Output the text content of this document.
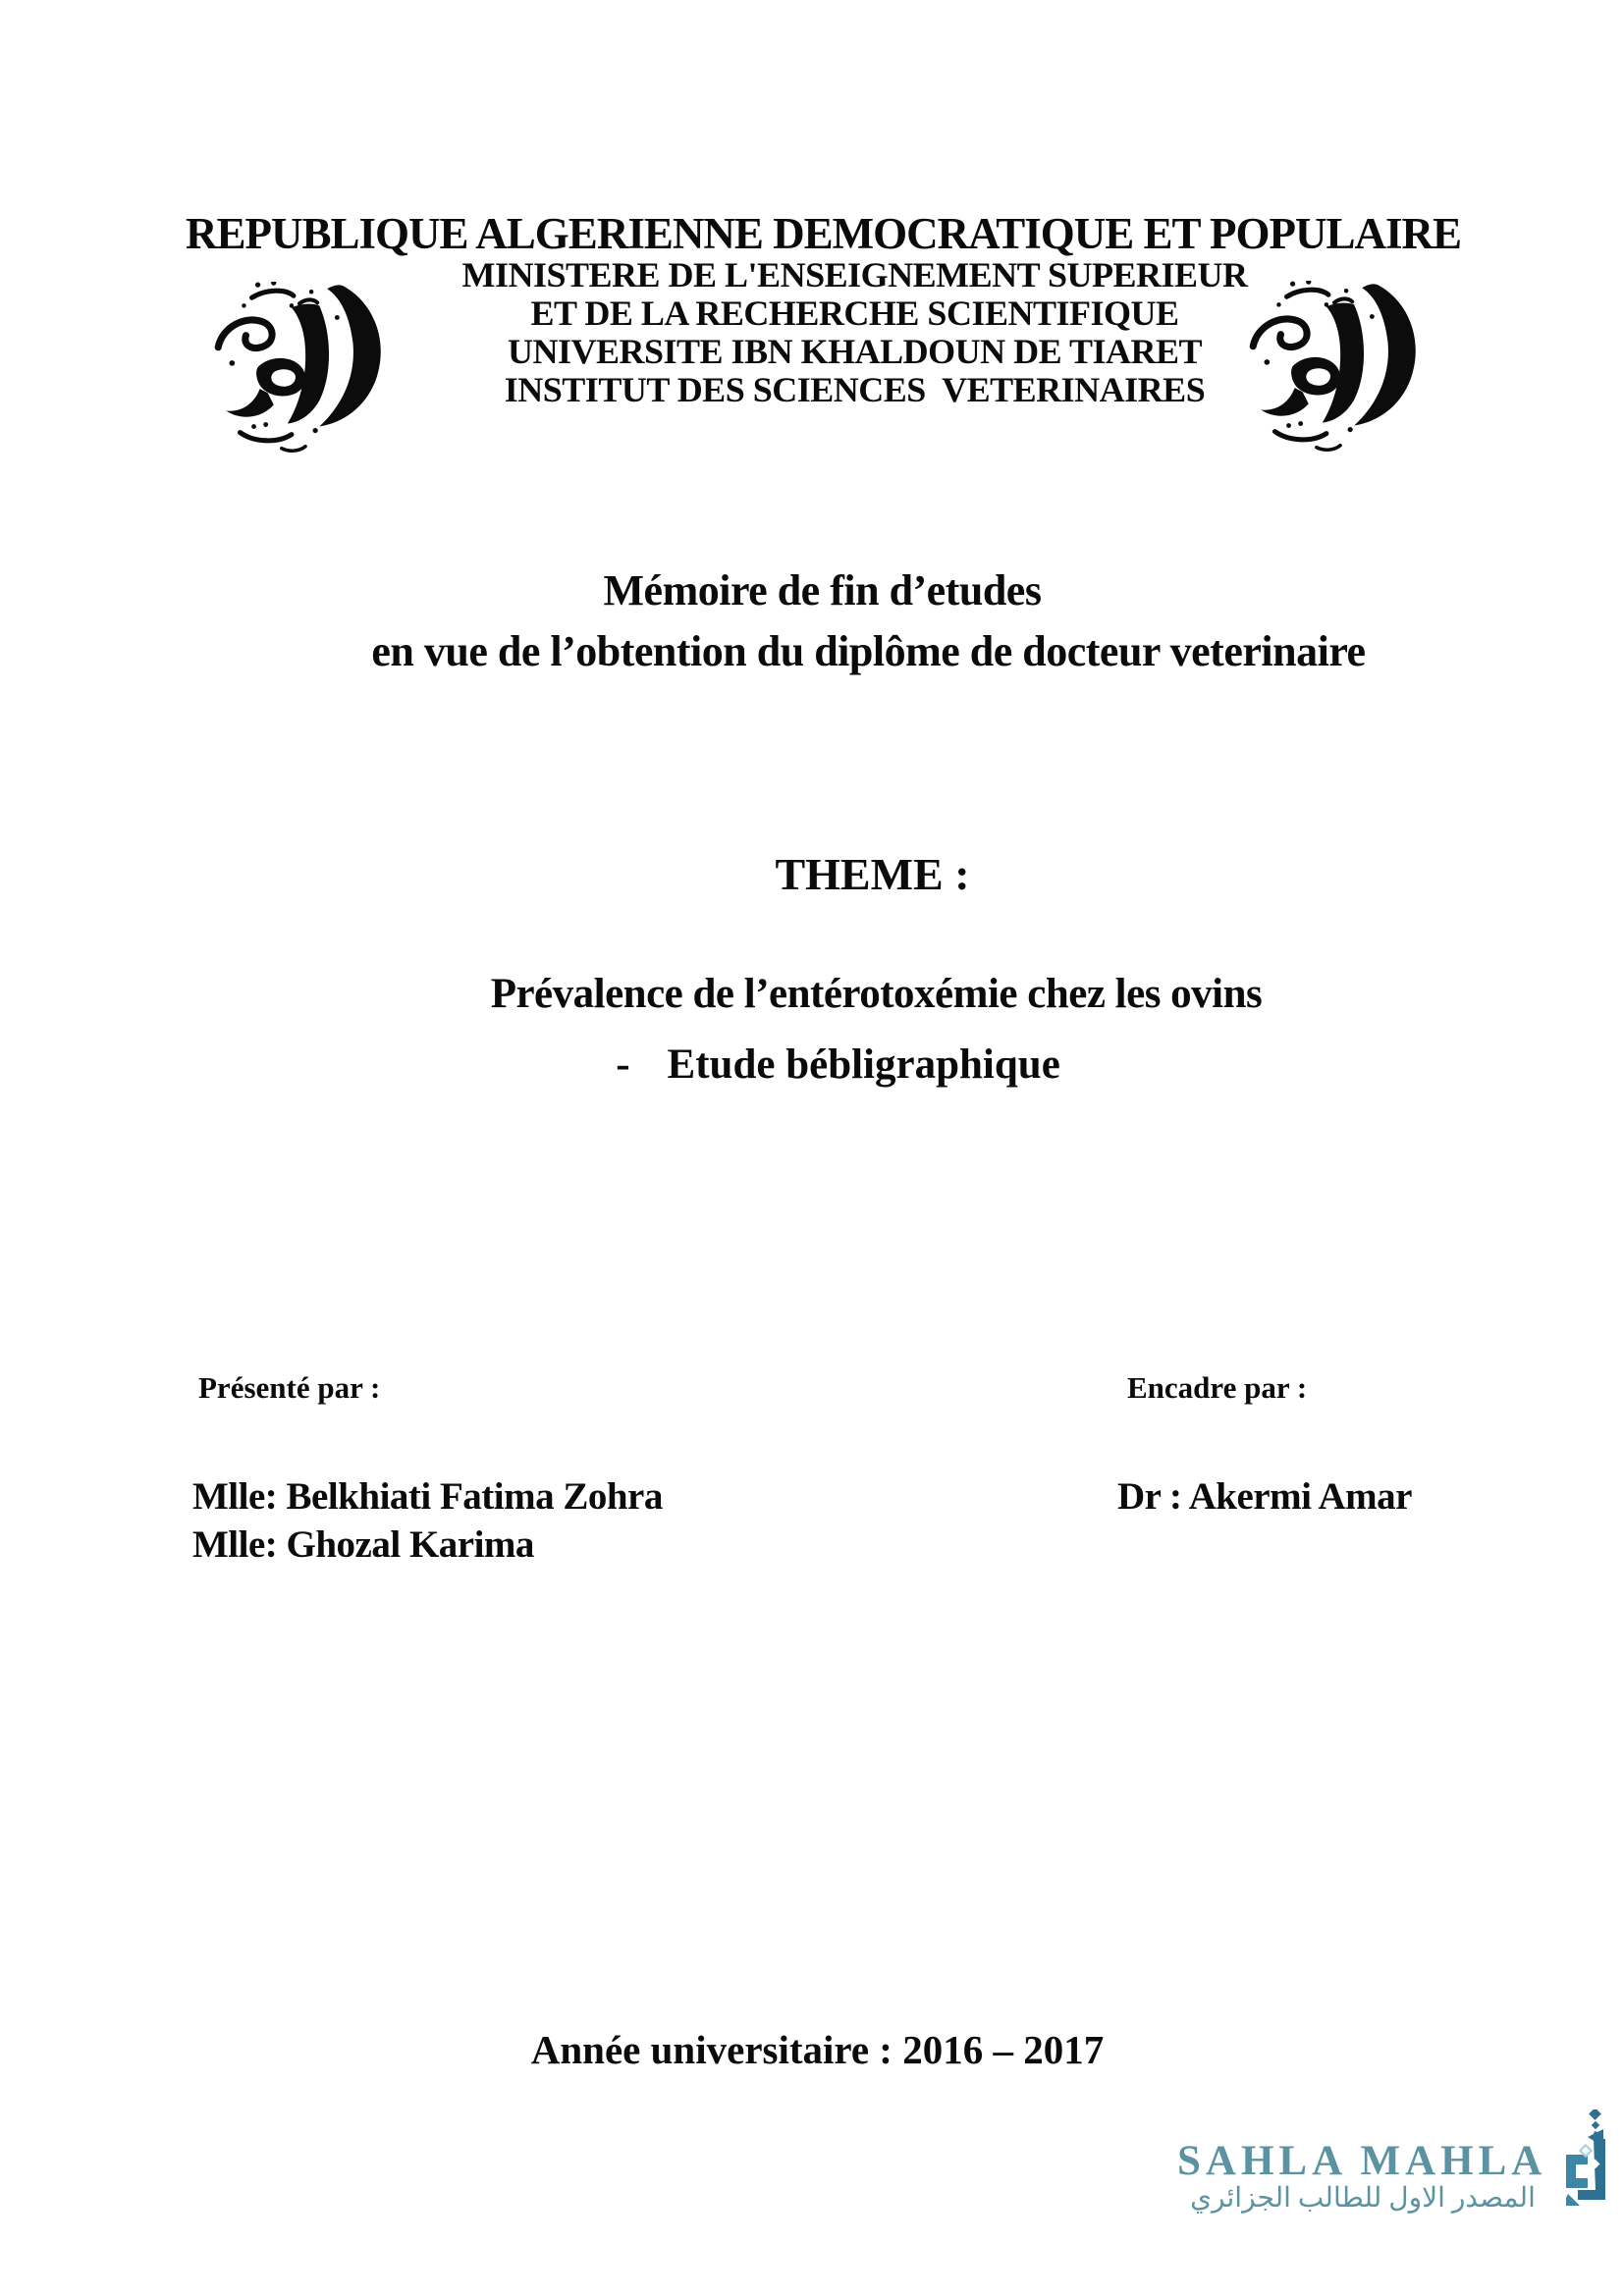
REPUBLIQUE ALGERIENNE DEMOCRATIQUE ET POPULAIRE
MINISTERE DE L'ENSEIGNEMENT SUPERIEUR
ET DE LA RECHERCHE SCIENTIFIQUE
UNIVERSITE IBN KHALDOUN DE TIARET
INSTITUT DES SCIENCES  VETERINAIRES
Mémoire de fin d’etudes
en vue de l’obtention du diplôme de docteur veterinaire
THEME :
Prévalence de l’entérotoxémie chez les ovins
- Etude bébligraphique
Présenté par :	Encadre par :
Mlle: Belkhiati Fatima Zohra	Dr : Akermi Amar
Mlle: Ghozal Karima
Année universitaire : 2016 – 2017
SAHLA MAHLA
المصدر الاول للطالب الجزائري
